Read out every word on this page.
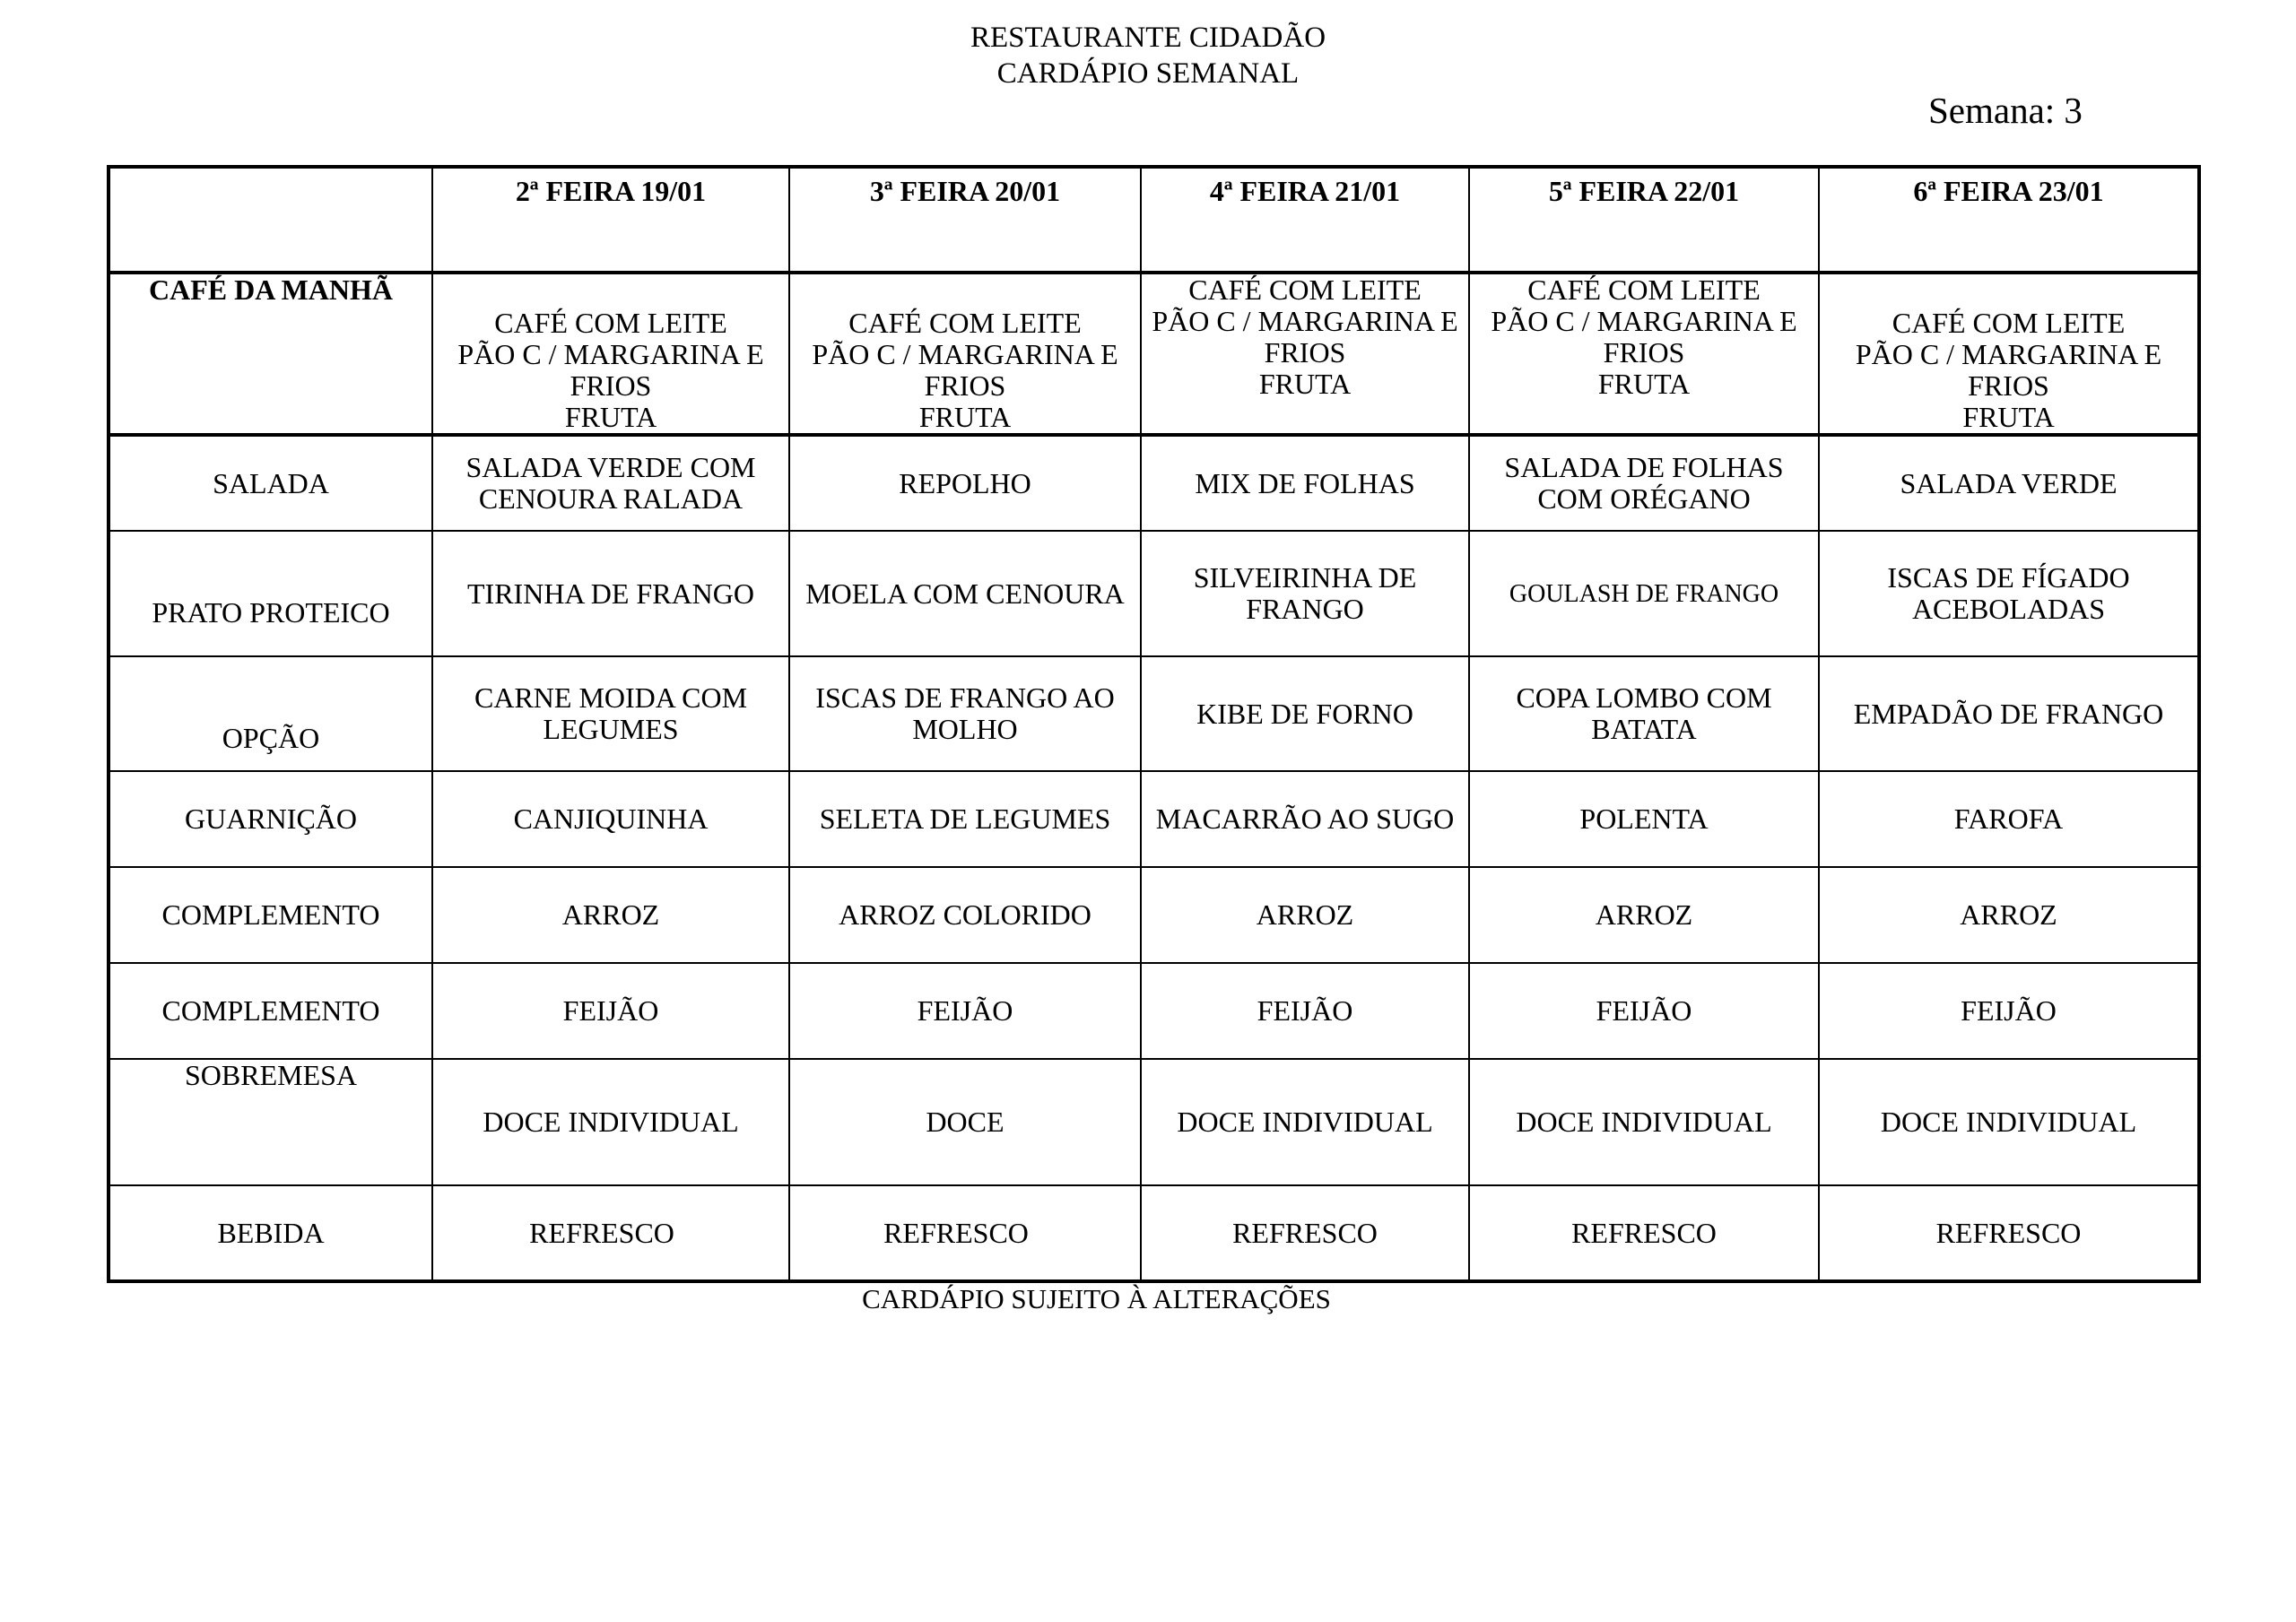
RESTAURANTE CIDADÃO
CARDÁPIO SEMANAL
Semana: 3
	2ª FEIRA 19/01	3ª FEIRA 20/01	4ª FEIRA 21/01	5ª FEIRA 22/01	6ª FEIRA 23/01
CAFÉ DA MANHÃ	CAFÉ COM LEITE
PÃO C / MARGARINA E
FRIOS
FRUTA	CAFÉ COM LEITE
PÃO C / MARGARINA E
FRIOS
FRUTA	CAFÉ COM LEITE
PÃO C / MARGARINA E
FRIOS
FRUTA	CAFÉ COM LEITE
PÃO C / MARGARINA E
FRIOS
FRUTA	CAFÉ COM LEITE
PÃO C / MARGARINA E
FRIOS
FRUTA
SALADA	SALADA VERDE COM
CENOURA RALADA	REPOLHO	MIX DE FOLHAS	SALADA DE FOLHAS
COM ORÉGANO	SALADA VERDE
PRATO PROTEICO	TIRINHA DE FRANGO	MOELA COM CENOURA	SILVEIRINHA DE
FRANGO	GOULASH DE FRANGO	ISCAS DE FÍGADO
ACEBOLADAS
OPÇÃO	CARNE MOIDA COM
LEGUMES	ISCAS DE FRANGO AO
MOLHO	KIBE DE FORNO	COPA LOMBO COM
BATATA	EMPADÃO DE FRANGO
GUARNIÇÃO	CANJIQUINHA	SELETA DE LEGUMES	MACARRÃO AO SUGO	POLENTA	FAROFA
COMPLEMENTO	ARROZ	ARROZ COLORIDO	ARROZ	ARROZ	ARROZ
COMPLEMENTO	FEIJÃO	FEIJÃO	FEIJÃO	FEIJÃO	FEIJÃO
SOBREMESA	DOCE INDIVIDUAL	DOCE	DOCE INDIVIDUAL	DOCE INDIVIDUAL	DOCE INDIVIDUAL
BEBIDA	REFRESCO	REFRESCO	REFRESCO	REFRESCO	REFRESCO
CARDÁPIO SUJEITO À ALTERAÇÕES
